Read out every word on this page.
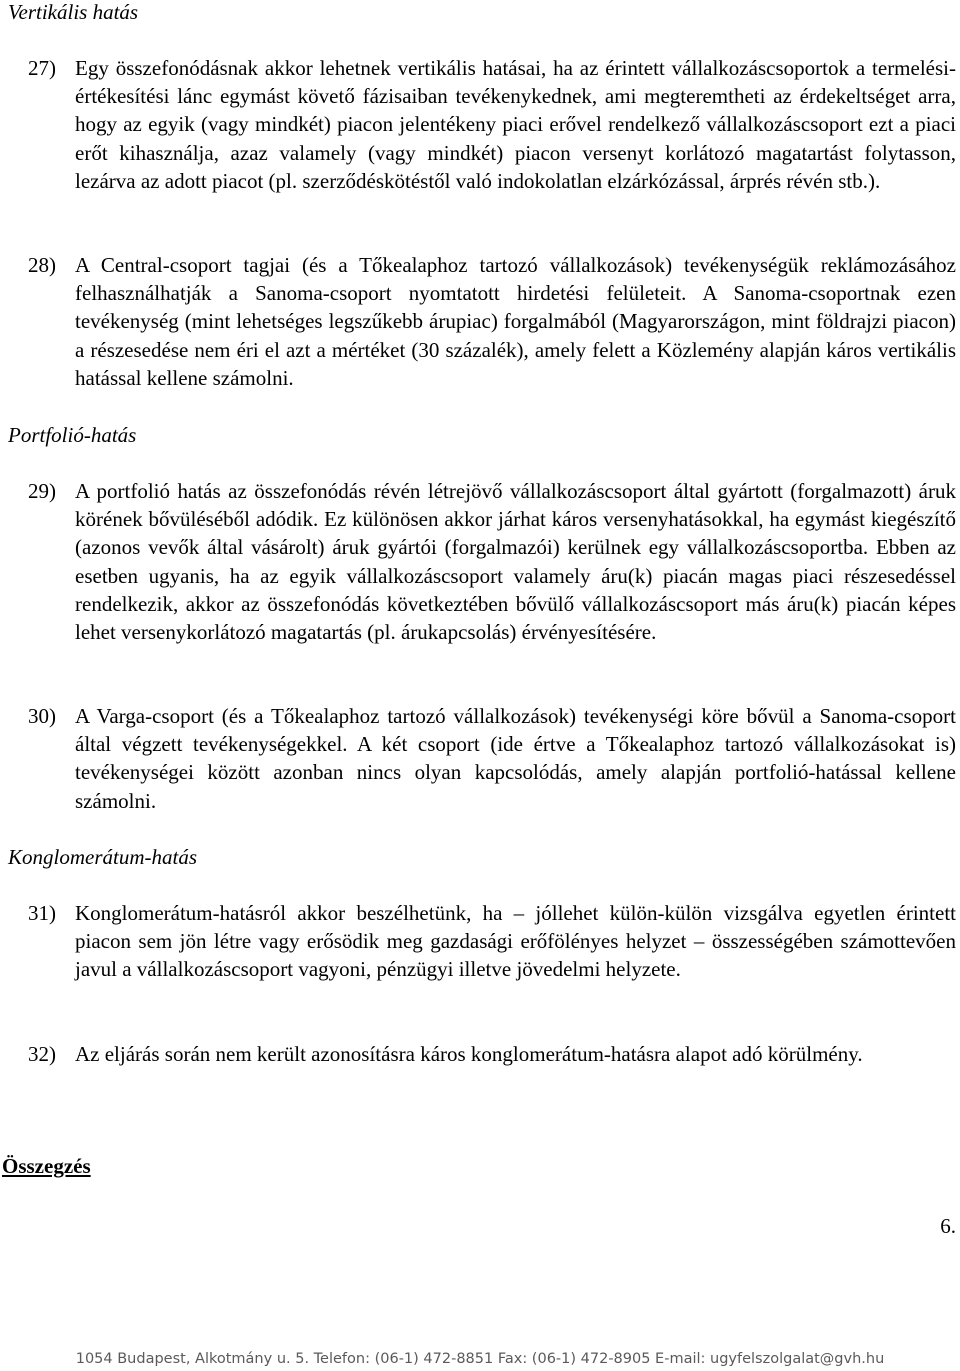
Vertikális hatás
27) Egy összefonódásnak akkor lehetnek vertikális hatásai, ha az érintett vállalkozáscsoportok a termelési-értékesítési lánc egymást követő fázisaiban tevékenykednek, ami megteremtheti az érdekeltséget arra, hogy az egyik (vagy mindkét) piacon jelentékeny piaci erővel rendelkező vállalkozáscsoport ezt a piaci erőt kihasználja, azaz valamely (vagy mindkét) piacon versenyt korlátozó magatartást folytasson, lezárva az adott piacot (pl. szerződéskötéstől való indokolatlan elzárkózással, árprés révén stb.).
28) A Central-csoport tagjai (és a Tőkealaphoz tartozó vállalkozások) tevékenységük reklámozásához felhasználhatják a Sanoma-csoport nyomtatott hirdetési felületeit. A Sanoma-csoportnak ezen tevékenység (mint lehetséges legszűkebb árupiac) forgalmából (Magyarországon, mint földrajzi piacon) a részesedése nem éri el azt a mértéket (30 százalék), amely felett a Közlemény alapján káros vertikális hatással kellene számolni.
Portfolió-hatás
29) A portfolió hatás az összefonódás révén létrejövő vállalkozáscsoport által gyártott (forgalmazott) áruk körének bővüléséből adódik. Ez különösen akkor járhat káros versenyhatásokkal, ha egymást kiegészítő (azonos vevők által vásárolt) áruk gyártói (forgalmazói) kerülnek egy vállalkozáscsoportba. Ebben az esetben ugyanis, ha az egyik vállalkozáscsoport valamely áru(k) piacán magas piaci részesedéssel rendelkezik, akkor az összefonódás következtében bővülő vállalkozáscsoport más áru(k) piacán képes lehet versenykorlátozó magatartás (pl. árukapcsolás) érvényesítésére.
30) A Varga-csoport (és a Tőkealaphoz tartozó vállalkozások) tevékenységi köre bővül a Sanoma-csoport által végzett tevékenységekkel. A két csoport (ide értve a Tőkealaphoz tartozó vállalkozásokat is) tevékenységei között azonban nincs olyan kapcsolódás, amely alapján portfolió-hatással kellene számolni.
Konglomerátum-hatás
31) Konglomerátum-hatásról akkor beszélhetünk, ha – jóllehet külön-külön vizsgálva egyetlen érintett piacon sem jön létre vagy erősödik meg gazdasági erőfölényes helyzet – összességében számottevően javul a vállalkozáscsoport vagyoni, pénzügyi illetve jövedelmi helyzete.
32) Az eljárás során nem került azonosításra káros konglomerátum-hatásra alapot adó körülmény.
Összegzés
6.
1054 Budapest, Alkotmány u. 5. Telefon: (06-1) 472-8851 Fax: (06-1) 472-8905 E-mail: ugyfelszolgalat@gvh.hu
